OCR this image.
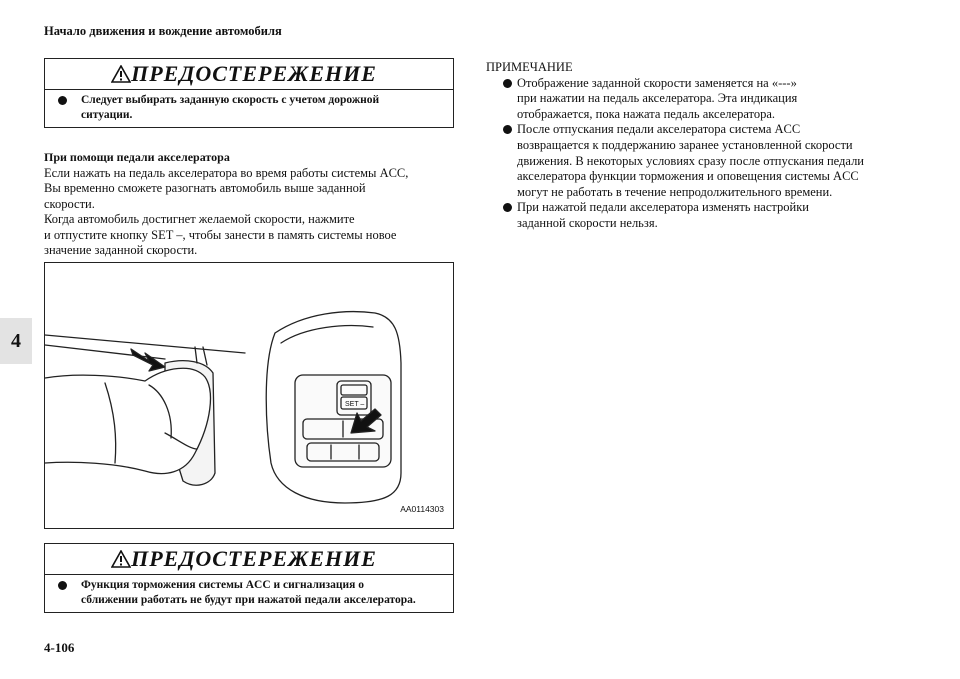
Начало движения и вождение автомобиля
4
ПРЕДОСТЕРЕЖЕНИЕ
Следует выбирать заданную скорость с учетом дорожной
ситуации.
При помощи педали акселератора

Если нажать на педаль акселератора во время работы системы ACC,

Вы временно сможете разогнать автомобиль выше заданной

скорости.

Когда автомобиль достигнет желаемой скорости, нажмите

и отпустите кнопку SET –, чтобы занести в память системы новое

значение заданной скорости.

SET –
AA0114303
ПРЕДОСТЕРЕЖЕНИЕ
Функция торможения системы ACC и сигнализация о
сближении работать не будут при нажатой педали акселератора.
ПРИМЕЧАНИЕ
Отображение заданной скорости заменяется на «---»
при нажатии на педаль акселератора. Эта индикация
отображается, пока нажата педаль акселератора.
После отпускания педали акселератора система ACC
возвращается к поддержанию заранее установленной скорости
движения. В некоторых условиях сразу после отпускания педали
акселератора функции торможения и оповещения системы ACC
могут не работать в течение непродолжительного времени.
При нажатой педали акселератора изменять настройки
заданной скорости нельзя.
4-106
